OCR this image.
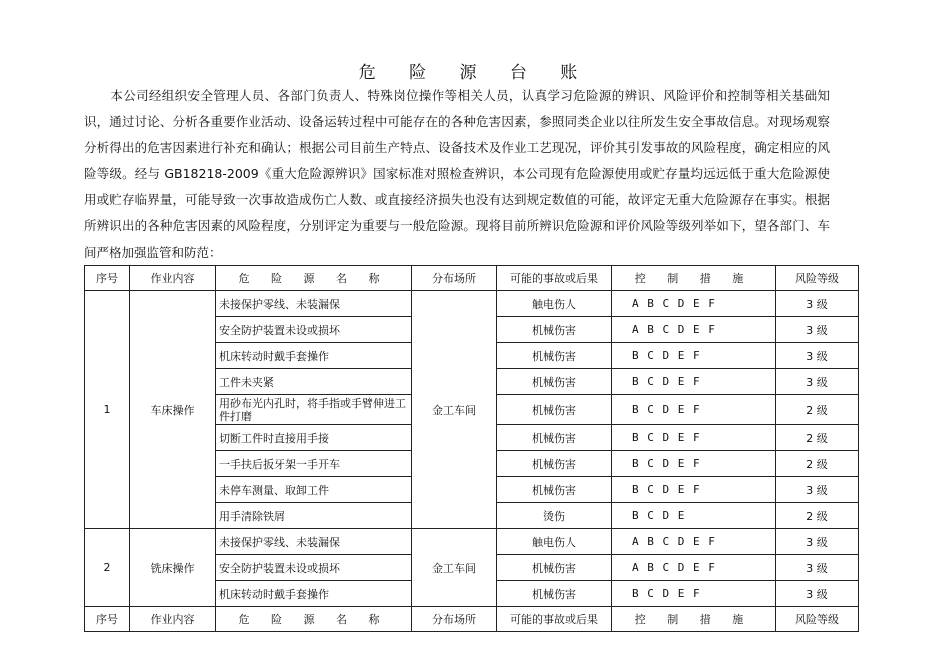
危 险 源 台 账
本公司经组织安全管理人员、各部门负责人、特殊岗位操作等相关人员，认真学习危险源的辨识、风险评价和控制等相关基础知识，通过讨论、分析各重要作业活动、设备运转过程中可能存在的各种危害因素，参照同类企业以往所发生安全事故信息。对现场观察分析得出的危害因素进行补充和确认；根据公司目前生产特点、设备技术及作业工艺现况，评价其引发事故的风险程度，确定相应的风险等级。经与 GB18218-2009《重大危险源辨识》国家标准对照检查辨识，本公司现有危险源使用或贮存量均远远低于重大危险源使用或贮存临界量，可能导致一次事故造成伤亡人数、或直接经济损失也没有达到规定数值的可能，故评定无重大危险源存在事实。根据所辨识出的各种危害因素的风险程度，分别评定为重要与一般危险源。现将目前所辨识危险源和评价风险等级列举如下，望各部门、车间严格加强监管和防范：
序号	作业内容	危 险 源 名 称	分布场所	可能的事故或后果	控 制 措 施	风险等级
1	车床操作	未接保护零线、未装漏保	金工车间	触电伤人	A B C D E F	3 级
		安全防护装置未设或损坏		机械伤害	A B C D E F	3 级
		机床转动时戴手套操作		机械伤害	B C D E F	3 级
		工件未夹紧		机械伤害	B C D E F	3 级
		用砂布光内孔时，将手指或手臂伸进工件打磨		机械伤害	B C D E F	2 级
		切断工件时直接用手接		机械伤害	B C D E F	2 级
		一手扶后扳牙架一手开车		机械伤害	B C D E F	2 级
		未停车测量、取卸工件		机械伤害	B C D E F	3 级
		用手清除铁屑		烫伤	B C D E	2 级
2	铣床操作	未接保护零线、未装漏保	金工车间	触电伤人	A B C D E F	3 级
		安全防护装置未设或损坏		机械伤害	A B C D E F	3 级
		机床转动时戴手套操作		机械伤害	B C D E F	3 级
序号	作业内容	危 险 源 名 称	分布场所	可能的事故或后果	控 制 措 施	风险等级
